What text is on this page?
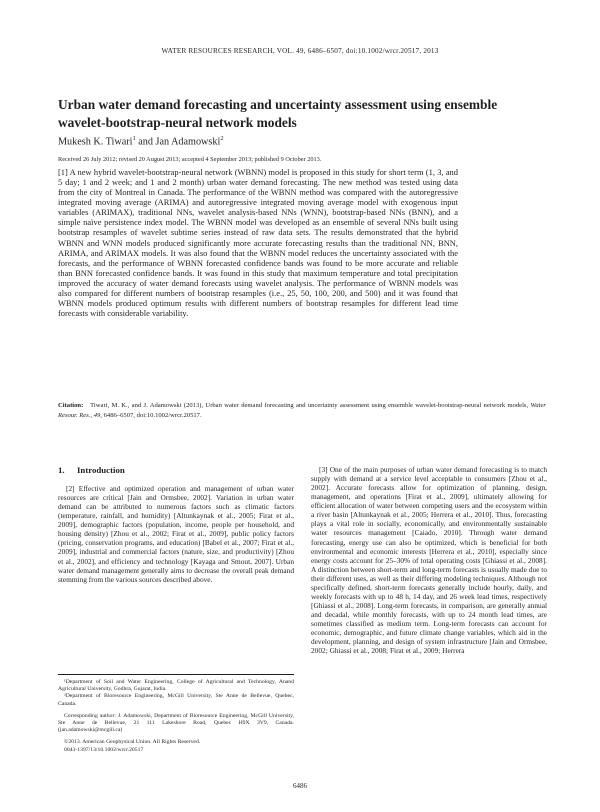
WATER RESOURCES RESEARCH, VOL. 49, 6486–6507, doi:10.1002/wrcr.20517, 2013
Urban water demand forecasting and uncertainty assessment using ensemble wavelet-bootstrap-neural network models
Mukesh K. Tiwari$^1$ and Jan Adamowski$^2$
Received 26 July 2012; revised 20 August 2013; accepted 4 September 2013; published 9 October 2013.
[1] A new hybrid wavelet-bootstrap-neural network (WBNN) model is proposed in this study for short term (1, 3, and 5 day; 1 and 2 week; and 1 and 2 month) urban water demand forecasting. The new method was tested using data from the city of Montreal in Canada. The performance of the WBNN method was compared with the autoregressive integrated moving average (ARIMA) and autoregressive integrated moving average model with exogenous input variables (ARIMAX), traditional NNs, wavelet analysis-based NNs (WNN), bootstrap-based NNs (BNN), and a simple naïve persistence index model. The WBNN model was developed as an ensemble of several NNs built using bootstrap resamples of wavelet subtime series instead of raw data sets. The results demonstrated that the hybrid WBNN and WNN models produced significantly more accurate forecasting results than the traditional NN, BNN, ARIMA, and ARIMAX models. It was also found that the WBNN model reduces the uncertainty associated with the forecasts, and the performance of WBNN forecasted confidence bands was found to be more accurate and reliable than BNN forecasted confidence bands. It was found in this study that maximum temperature and total precipitation improved the accuracy of water demand forecasts using wavelet analysis. The performance of WBNN models was also compared for different numbers of bootstrap resamples (i.e., 25, 50, 100, 200, and 500) and it was found that WBNN models produced optimum results with different numbers of bootstrap resamples for different lead time forecasts with considerable variability.
Citation: Tiwari, M. K., and J. Adamowski (2013), Urban water demand forecasting and uncertainty assessment using ensemble wavelet-bootstrap-neural network models, Water Resour. Res., 49, 6486–6507, doi:10.1002/wrcr.20517.
1. Introduction

[2] Effective and optimized operation and management of urban water resources are critical [Jain and Ormsbee, 2002]. Variation in urban water demand can be attributed to numerous factors such as climatic factors (temperature, rainfall, and humidity) [Altunkaynak et al., 2005; Firat et al., 2009], demographic factors (population, income, people per household, and housing density) [Zhou et al., 2002; Firat et al., 2009], public policy factors (pricing, conservation programs, and education) [Babel et al., 2007; Firat et al., 2009], industrial and commercial factors (nature, size, and productivity) [Zhou et al., 2002], and efficiency and technology [Kayaga and Smout, 2007]. Urban water demand management generally aims to decrease the overall peak demand stemming from the various sources described above.

[3] One of the main purposes of urban water demand forecasting is to match supply with demand at a service level acceptable to consumers [Zhou et al., 2002]. Accurate forecasts allow for optimization of planning, design, management, and operations [Firat et al., 2009], ultimately allowing for efficient allocation of water between competing users and the ecosystem within a river basin [Altunkaynak et al., 2005; Herrera et al., 2010]. Thus, forecasting plays a vital role in socially, economically, and environmentally sustainable water resources management [Caiado, 2010]. Through water demand forecasting, energy use can also be optimized, which is beneficial for both environmental and economic interests [Herrera et al., 2010], especially since energy costs account for 25–30% of total operating costs [Ghiassi et al., 2008]. A distinction between short-term and long-term forecasts is usually made due to their different uses, as well as their differing modeling techniques. Although not specifically defined, short-term forecasts generally include hourly, daily, and weekly forecasts with up to 48 h, 14 day, and 26 week lead times, respectively [Ghiassi et al., 2008]. Long-term forecasts, in comparison, are generally annual and decadal, while monthly forecasts, with up to 24 month lead times, are sometimes classified as medium term. Long-term forecasts can account for economic, demographic, and future climate change variables, which aid in the development, planning, and design of system infrastructure [Jain and Ormsbee, 2002; Ghiassi et al., 2008; Firat et al., 2009; Herrera

¹Department of Soil and Water Engineering, College of Agricultural and Technology, Anand Agricultural University, Godhra, Gujarat, India.

²Department of Bioresource Engineering, McGill University, Ste Anne de Bellevue, Quebec, Canada.

Corresponding author: J. Adamowski, Department of Bioresource Engineering, McGill University, Ste Anne de Bellevue, 21 111 Lakeshore Road, Quebec H9X 3V9, Canada. (jan.adamowski@mcgill.ca)

©2013. American Geophysical Union. All Rights Reserved.

0043-1397/13/10.1002/wrcr.20517

6486
